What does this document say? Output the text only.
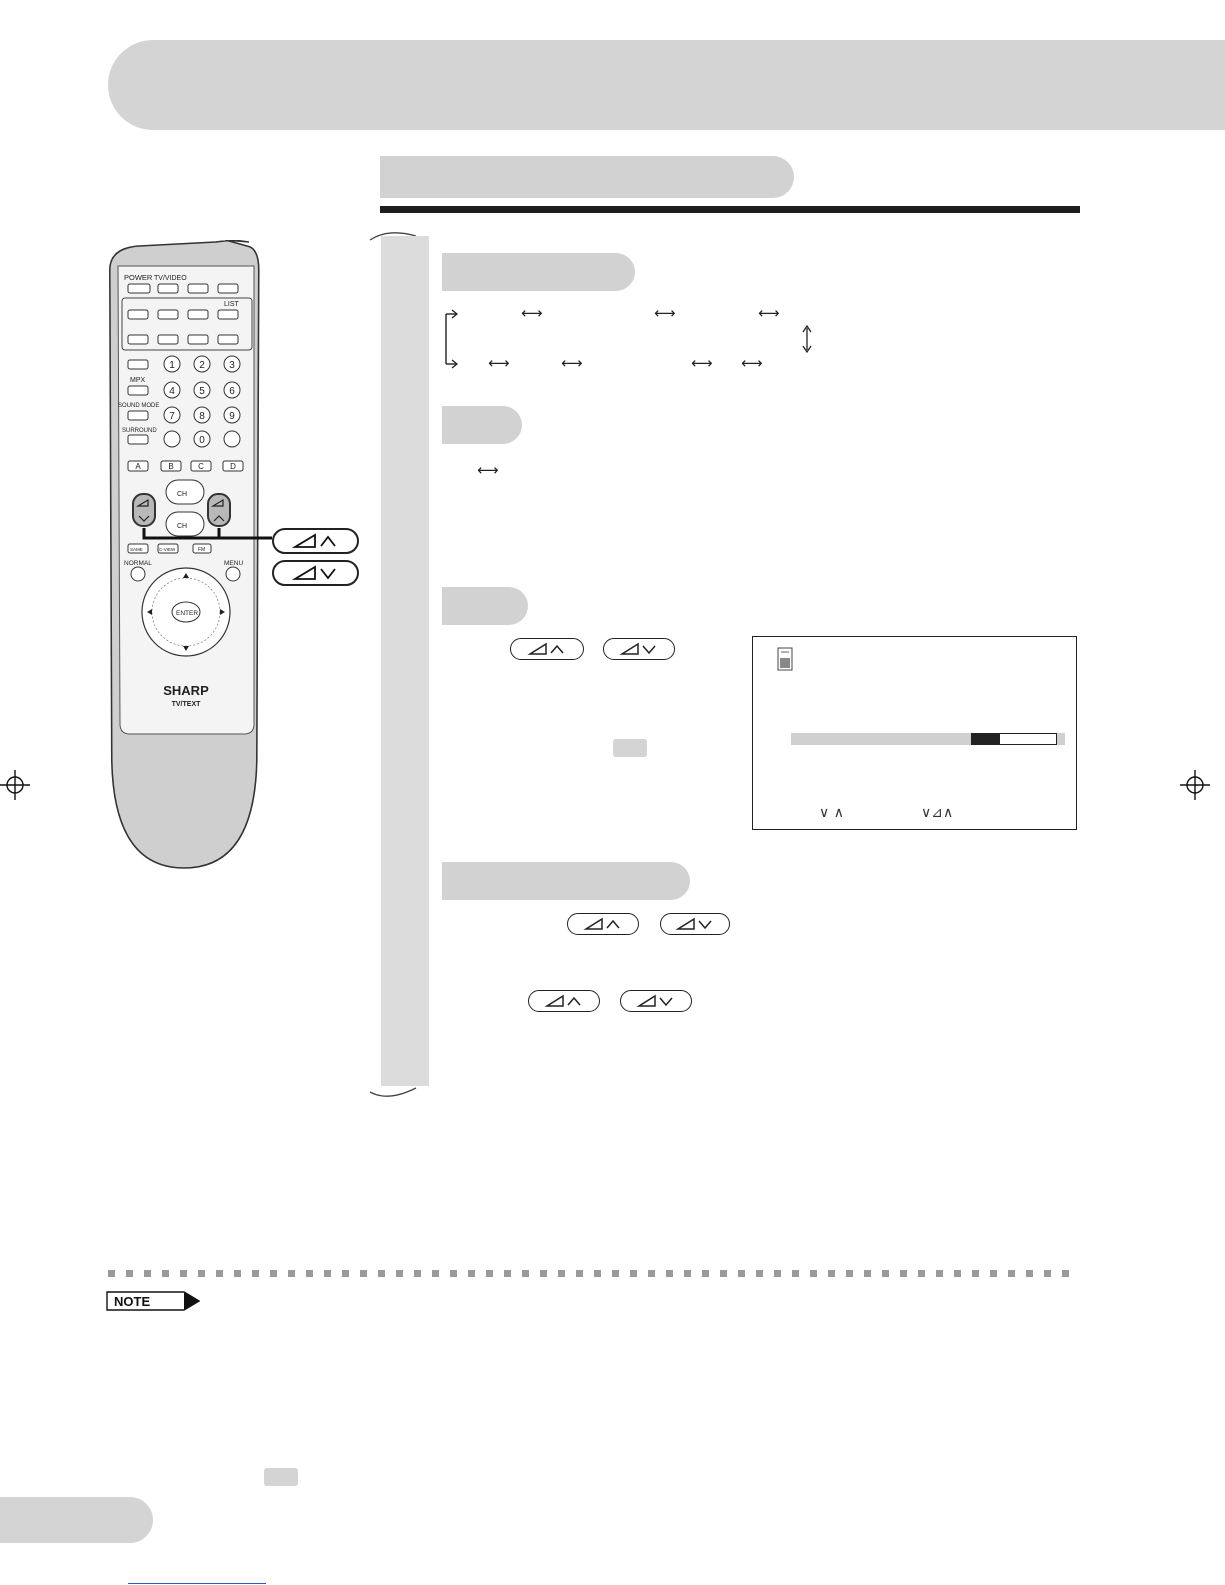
⟷	⟷	⟷
⟷	⟷	⟷ ⟷
⟷
∨ ∧	∨⊿∧
POWER TV/VIDEO
LIST
1 2 3
4 5 6
7 8 9
0
MPX
SOUND MODE
SURROUND
A	B	C	D
CH
CH
SAME	C-VIEW	FM
NORMAL	MENU
ENTER
SHARP
TV/TEXT
NOTE
